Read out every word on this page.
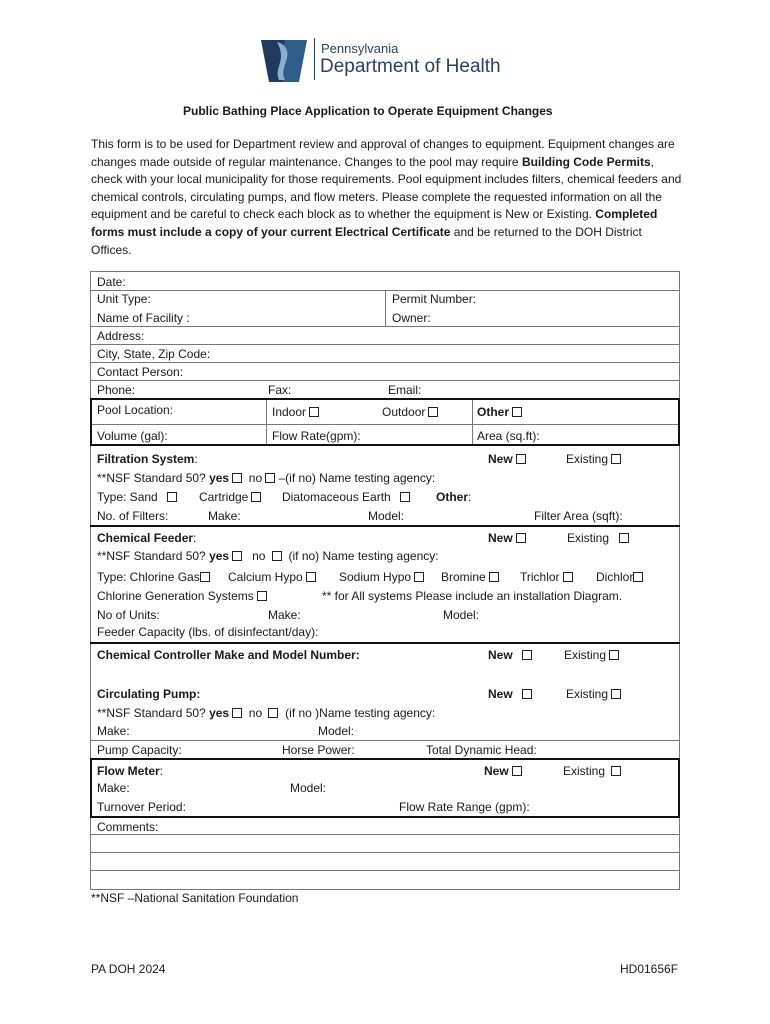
Pennsylvania
Department of Health
Public Bathing Place Application to Operate Equipment Changes
This form is to be used for Department review and approval of changes to equipment. Equipment changes are changes made outside of regular maintenance. Changes to the pool may require Building Code Permits, check with your local municipality for those requirements. Pool equipment includes filters, chemical feeders and chemical controls, circulating pumps, and flow meters. Please complete the requested information on all the equipment and be careful to check each block as to whether the equipment is New or Existing. Completed forms must include a copy of your current Electrical Certificate and be returned to the DOH District Offices.
Date:
Unit Type:	Permit Number:
Name of Facility :	Owner:
Address:
City, State, Zip Code:
Contact Person:
Phone:	Fax:	Email:
Pool Location:	Indoor	Outdoor	Other
Volume (gal):	Flow Rate(gpm):	Area (sq.ft):
Filtration System:	New	Existing
**NSF Standard 50? yes no –(if no) Name testing agency:
Type: Sand	Cartridge	Diatomaceous Earth	Other:
No. of Filters:	Make:	Model:	Filter Area (sqft):
Chemical Feeder:	New	Existing
**NSF Standard 50? yes no (if no) Name testing agency:
Type: Chlorine Gas	Calcium Hypo	Sodium Hypo	Bromine	Trichlor	Dichlor
Chlorine Generation Systems	** for All systems Please include an installation Diagram.
No of Units:	Make:	Model:
Feeder Capacity (lbs. of disinfectant/day):
Chemical Controller Make and Model Number:	New	Existing
Circulating Pump:	New	Existing
**NSF Standard 50? yes no (if no )Name testing agency:
Make:	Model:
Pump Capacity:	Horse Power:	Total Dynamic Head:
Flow Meter:	New	Existing
Make:	Model:
Turnover Period:	Flow Rate Range (gpm):
Comments:
**NSF –National Sanitation Foundation
PA DOH 2024	HD01656F
